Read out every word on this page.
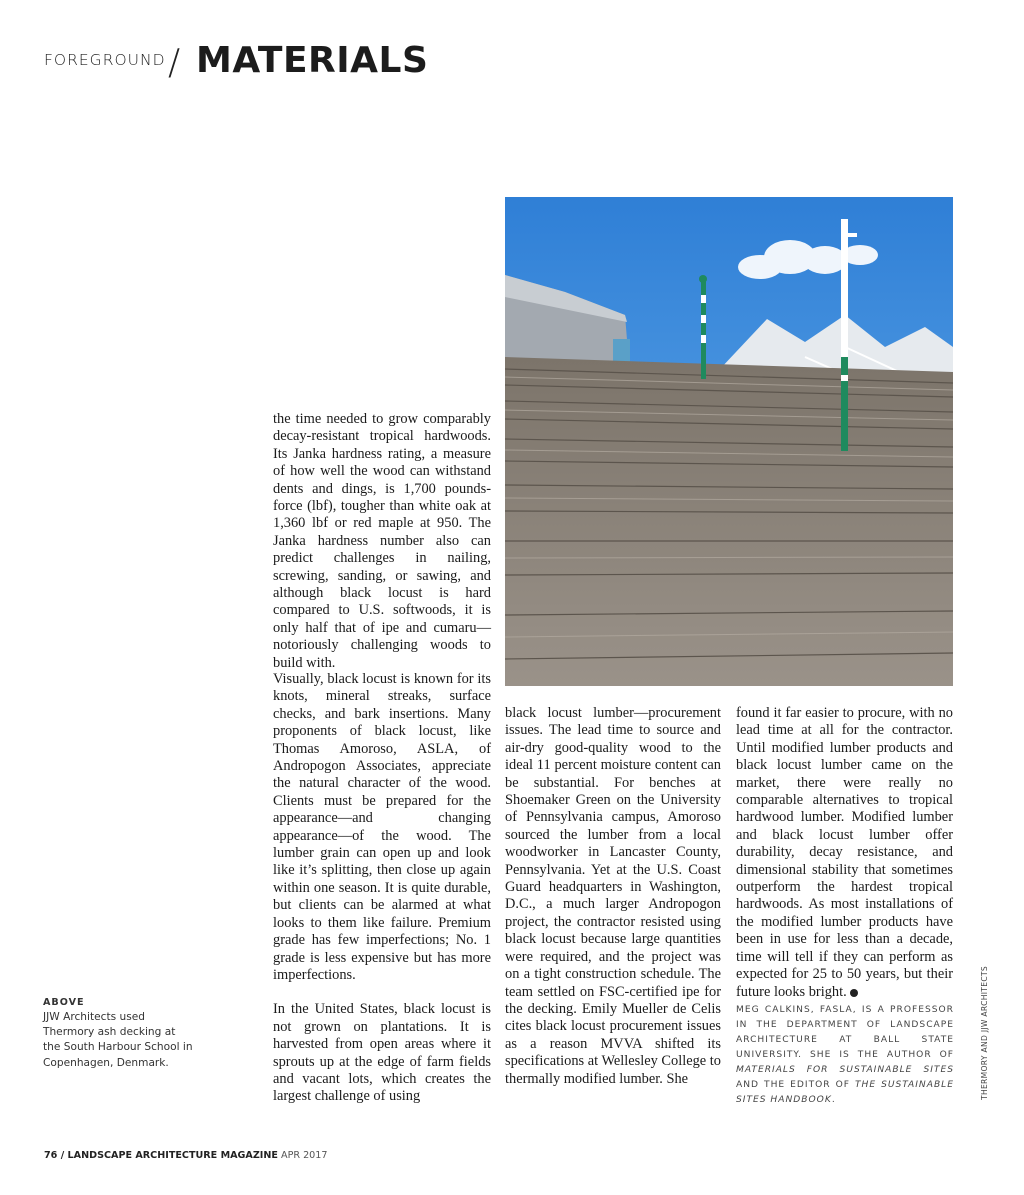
FOREGROUND / MATERIALS

the time needed to grow comparably decay-resistant tropical hardwoods. Its Janka hardness rating, a measure of how well the wood can withstand dents and dings, is 1,700 pounds-force (lbf), tougher than white oak at 1,360 lbf or red maple at 950. The Janka hardness number also can predict challenges in nailing, screwing, sanding, or sawing, and although black locust is hard compared to U.S. softwoods, it is only half that of ipe and cumaru—notoriously challenging woods to build with.

Visually, black locust is known for its knots, mineral streaks, surface checks, and bark insertions. Many proponents of black locust, like Thomas Amoroso, ASLA, of Andropogon Associates, appreciate the natural character of the wood. Clients must be prepared for the appearance—and changing appearance—of the wood. The lumber grain can open up and look like it’s splitting, then close up again within one season. It is quite durable, but clients can be alarmed at what looks to them like failure. Premium grade has few imperfections; No. 1 grade is less expensive but has more imperfections.

In the United States, black locust is not grown on plantations. It is harvested from open areas where it sprouts up at the edge of farm fields and vacant lots, which creates the largest challenge of using

black locust lumber—procurement issues. The lead time to source and air-dry good-quality wood to the ideal 11 percent moisture content can be substantial. For benches at Shoemaker Green on the University of Pennsylvania campus, Amoroso sourced the lumber from a local woodworker in Lancaster County, Pennsylvania. Yet at the U.S. Coast Guard headquarters in Washington, D.C., a much larger Andropogon project, the contractor resisted using black locust because large quantities were required, and the project was on a tight construction schedule. The team settled on FSC-certified ipe for the decking. Emily Mueller de Celis cites black locust procurement issues as a reason MVVA shifted its specifications at Wellesley College to thermally modified lumber. She

found it far easier to procure, with no lead time at all for the contractor. Until modified lumber products and black locust lumber came on the market, there were really no comparable alternatives to tropical hardwood lumber. Modified lumber and black locust lumber offer durability, decay resistance, and dimensional stability that sometimes outperform the hardest tropical hardwoods. As most installations of the modified lumber products have been in use for less than a decade, time will tell if they can perform as expected for 25 to 50 years, but their future looks bright.

MEG CALKINS, FASLA, IS A PROFESSOR IN THE DEPARTMENT OF LANDSCAPE ARCHITECTURE AT BALL STATE UNIVERSITY. SHE IS THE AUTHOR OF MATERIALS FOR SUSTAINABLE SITES AND THE EDITOR OF THE SUSTAINABLE SITES HANDBOOK.
ABOVE
JJW Architects used Thermory ash decking at the South Harbour School in Copenhagen, Denmark.	THERMORY AND JJW ARCHITECTS
76 / LANDSCAPE ARCHITECTURE MAGAZINE APR 2017
